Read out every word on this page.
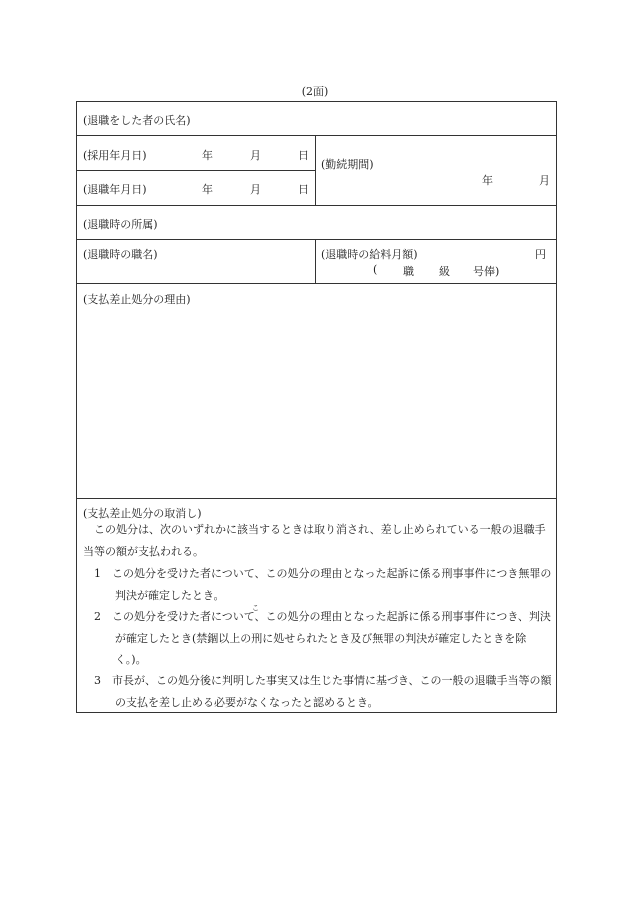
(2面)
(退職をした者の氏名)
(採用年月日)	年	月	日
(退職年月日)	年	月	日
(勤続期間)
年	月
(退職時の所属)
(退職時の職名)	(退職時の給料月額)	円
( 職 級 号俸)
(支払差止処分の理由)
(支払差止処分の取消し)
この処分は、次のいずれかに該当するときは取り消され、差し止められている一般の退職手当等の額が支払われる。
1　この処分を受けた者について、この処分の理由となった起訴に係る刑事事件につき無罪の判決が確定したとき。
2　この処分を受けた者について、この処分の理由となった起訴に係る刑事事件につき、判決が確定したとき(禁錮以上の刑に処せられたとき及び無罪の判決が確定したときを除く。)。
こ
3　市長が、この処分後に判明した事実又は生じた事情に基づき、この一般の退職手当等の額の支払を差し止める必要がなくなったと認めるとき。
